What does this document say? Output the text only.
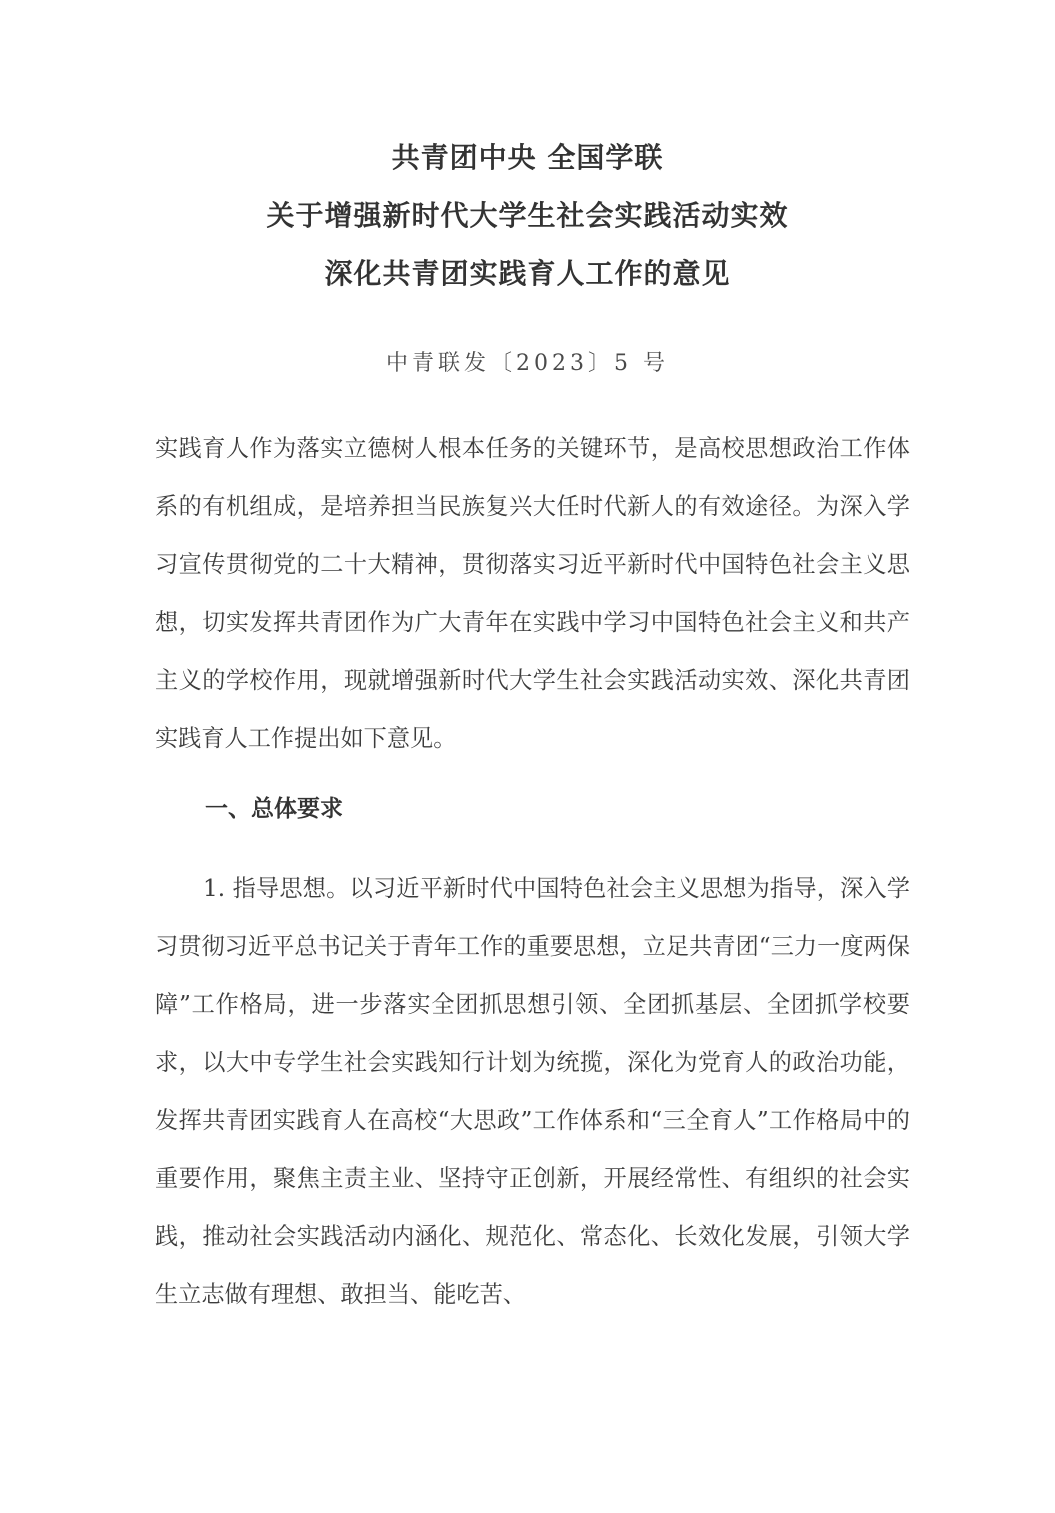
共青团中央 全国学联
关于增强新时代大学生社会实践活动实效
深化共青团实践育人工作的意见
中青联发〔2023〕5 号

实践育人作为落实立德树人根本任务的关键环节，是高校思想政治工作体系的有机组成，是培养担当民族复兴大任时代新人的有效途径。为深入学习宣传贯彻党的二十大精神，贯彻落实习近平新时代中国特色社会主义思想，切实发挥共青团作为广大青年在实践中学习中国特色社会主义和共产主义的学校作用，现就增强新时代大学生社会实践活动实效、深化共青团实践育人工作提出如下意见。

一、总体要求

1. 指导思想。以习近平新时代中国特色社会主义思想为指导，深入学习贯彻习近平总书记关于青年工作的重要思想，立足共青团“三力一度两保障”工作格局，进一步落实全团抓思想引领、全团抓基层、全团抓学校要求，以大中专学生社会实践知行计划为统揽，深化为党育人的政治功能，发挥共青团实践育人在高校“大思政”工作体系和“三全育人”工作格局中的重要作用，聚焦主责主业、坚持守正创新，开展经常性、有组织的社会实践，推动社会实践活动内涵化、规范化、常态化、长效化发展，引领大学生立志做有理想、敢担当、能吃苦、
